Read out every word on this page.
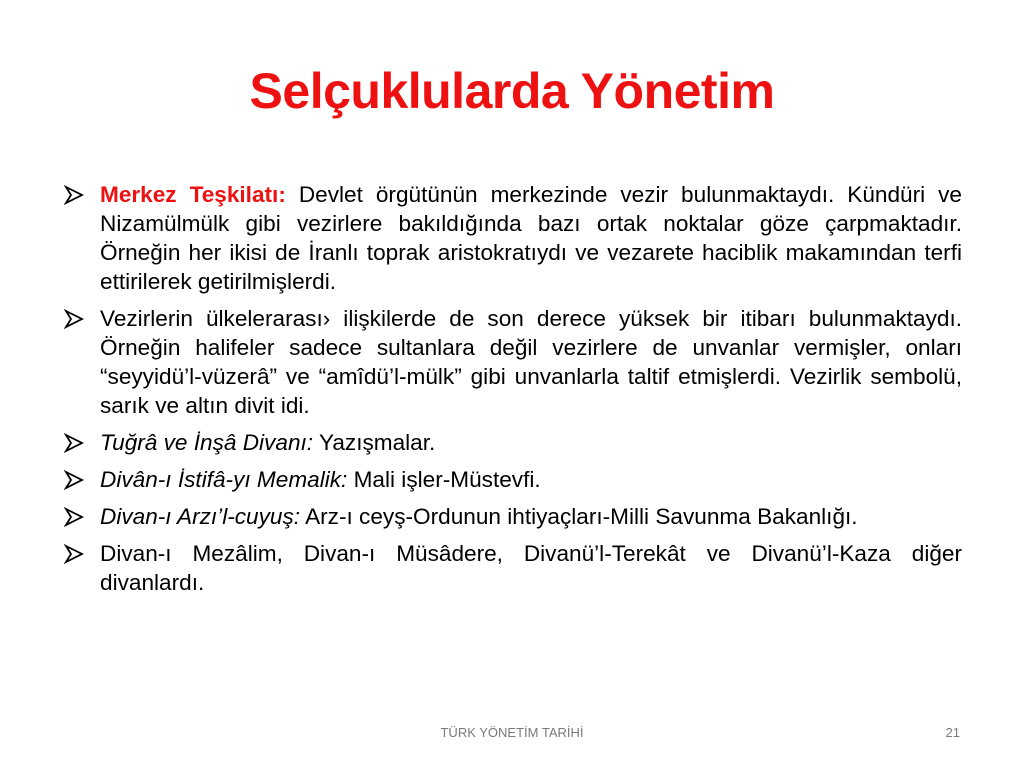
Selçuklularda Yönetim
Merkez Teşkilatı: Devlet örgütünün merkezinde vezir bulunmaktaydı. Kündüri ve Nizamülmülk gibi vezirlere bakıldığında bazı ortak noktalar göze çarpmaktadır. Örneğin her ikisi de İranlı toprak aristokratıydı ve vezarete haciblik makamından terfi ettirilerek getirilmişlerdi.
Vezirlerin ülkelerarası› ilişkilerde de son derece yüksek bir itibarı bulunmaktaydı. Örneğin halifeler sadece sultanlara değil vezirlere de unvanlar vermişler, onları “seyyidü’l-vüzerâ” ve “amîdü’l-mülk” gibi unvanlarla taltif etmişlerdi. Vezirlik sembolü, sarık ve altın divit idi.
Tuğrâ ve İnşâ Divanı: Yazışmalar.
Divân-ı İstifâ-yı Memalik: Mali işler-Müstevfi.
Divan-ı Arzı’l-cuyuş: Arz-ı ceyş-Ordunun ihtiyaçları-Milli Savunma Bakanlığı.
Divan-ı Mezâlim, Divan-ı Müsâdere, Divanü’l-Terekât ve Divanü’l-Kaza diğer divanlardı.
TÜRK YÖNETİM TARİHİ	21
